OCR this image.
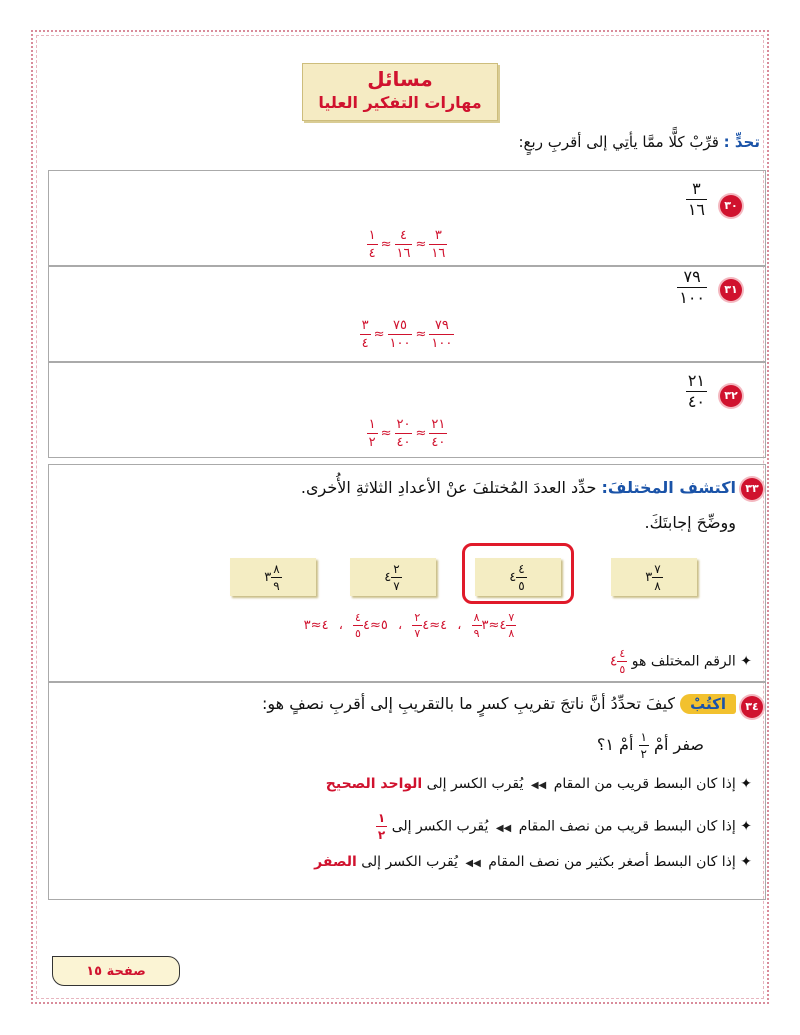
مسائل
مهارات التفكير العليا
تحدٍّ : قرِّبْ كلًّا ممَّا يأتِي إلى أقربِ ربعٍ:
٣٠
٣
١٦
$\frac{١}{٤} \approx \frac{٤}{١٦} \approx \frac{٣}{١٦}$
٣١
٧٩
١٠٠
$\frac{٣}{٤} \approx \frac{٧٥}{١٠٠} \approx \frac{٧٩}{١٠٠}$
٣٢
٢١
٤٠
$\frac{١}{٢} \approx \frac{٢٠}{٤٠} \approx \frac{٢١}{٤٠}$
٣٣
اكتشف المختلفَ: حدِّد العددَ المُختلفَ عنْ الأعدادِ الثلاثةِ الأُخرى.
ووضِّحَ إجابتَكَ.
٣ $\frac{٧}{٨}$
٤ $\frac{٤}{٥}$
٤ $\frac{٢}{٧}$
٣ $\frac{٨}{٩}$
٤≈٣
$\frac{٨}{٩}$
، ٤≈٤
$\frac{٢}{٧}$
، ٥≈٤
$\frac{٤}{٥}$
، ٤≈٣	$\frac{٧}{٨}$
✦ الرقم المختلف هو ٤ $\frac{٤}{٥}$
٣٤
اكتُبْ كيفَ تحدِّدُ أنَّ ناتجَ تقريبِ كسرٍ ما بالتقريبِ إلى أقربِ نصفٍ هو:
صفر أمْ
$\frac{١}{٢}$
أمْ ١؟
✦ إذا كان البسط قريب من المقام ◀◀ يُقرب الكسر إلى الواحد الصحيح
✦ إذا كان البسط قريب من نصف المقام ◀◀ يُقرب الكسر إلى
$\frac{١}{٢}$
✦ إذا كان البسط أصغر بكثير من نصف المقام ◀◀ يُقرب الكسر إلى الصفر
صفحة ١٥
